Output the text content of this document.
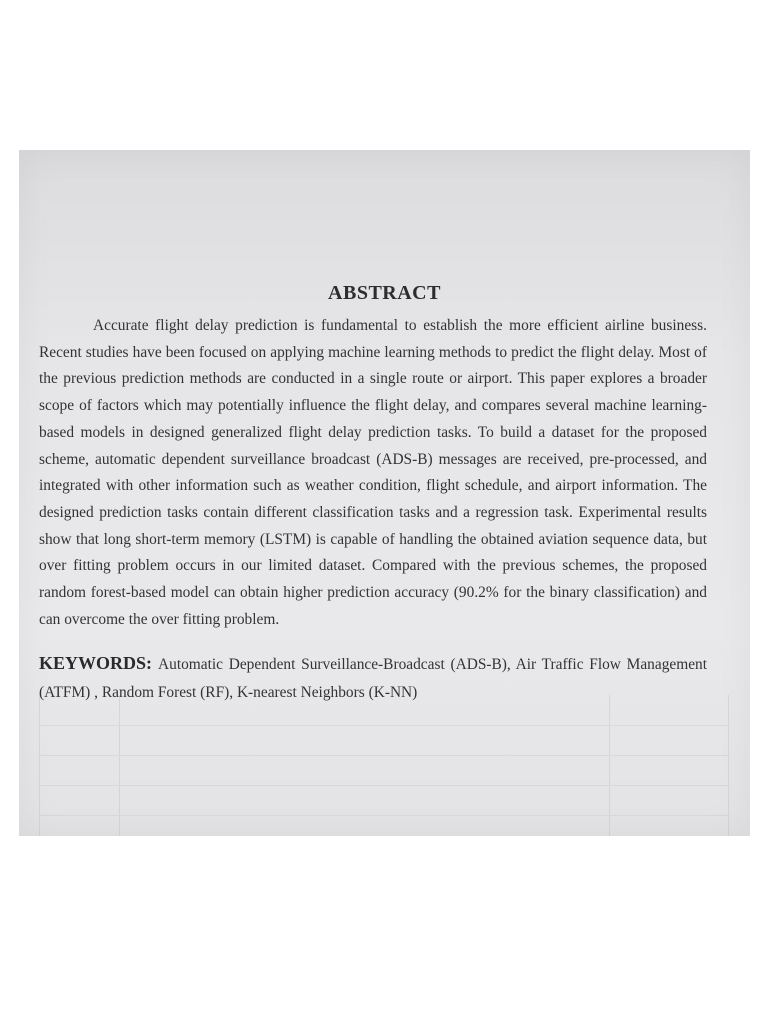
ABSTRACT

Accurate flight delay prediction is fundamental to establish the more efficient airline business. Recent studies have been focused on applying machine learning methods to predict the flight delay. Most of the previous prediction methods are conducted in a single route or airport. This paper explores a broader scope of factors which may potentially influence the flight delay, and compares several machine learning-based models in designed generalized flight delay prediction tasks. To build a dataset for the proposed scheme, automatic dependent surveillance broadcast (ADS-B) messages are received, pre-processed, and integrated with other information such as weather condition, flight schedule, and airport information. The designed prediction tasks contain different classification tasks and a regression task. Experimental results show that long short-term memory (LSTM) is capable of handling the obtained aviation sequence data, but over fitting problem occurs in our limited dataset. Compared with the previous schemes, the proposed random forest-based model can obtain higher prediction accuracy (90.2% for the binary classification) and can overcome the over fitting problem.

KEYWORDS: Automatic Dependent Surveillance-Broadcast (ADS-B), Air Traffic Flow Management (ATFM) , Random Forest (RF), K-nearest Neighbors (K-NN)
